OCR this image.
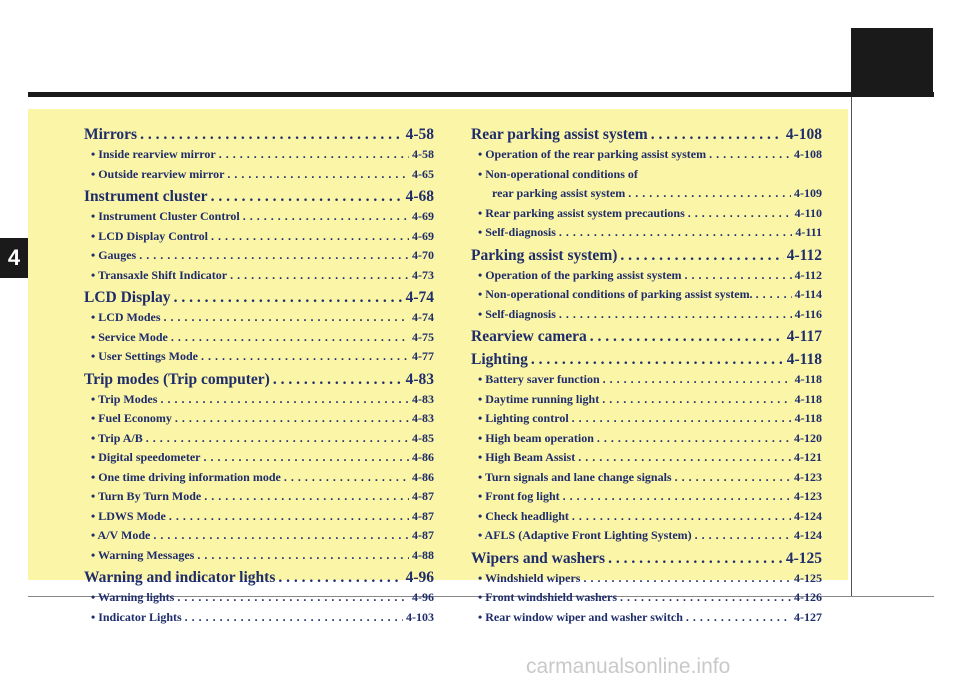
4
Mirrors . . .	4-58
• Inside rearview mirror . . .	4-58
• Outside rearview mirror . . .	4-65
Instrument cluster . . .	4-68
• Instrument Cluster Control . . .	4-69
• LCD Display Control . . .	4-69
• Gauges . . .	4-70
• Transaxle Shift Indicator . . .	4-73
LCD Display . . .	4-74
• LCD Modes . . .	4-74
• Service Mode . . .	4-75
• User Settings Mode . . .	4-77
Trip modes (Trip computer) . . .	4-83
• Trip Modes . . .	4-83
• Fuel Economy . . .	4-83
• Trip A/B . . .	4-85
• Digital speedometer . . .	4-86
• One time driving information mode . . .	4-86
• Turn By Turn Mode . . .	4-87
• LDWS Mode . . .	4-87
• A/V Mode . . .	4-87
• Warning Messages . . .	4-88
Warning and indicator lights . . .	4-96
• Warning lights . . .	4-96
• Indicator Lights . . .	4-103
Rear parking assist system . . .	4-108
• Operation of the rear parking assist system . . .	4-108
• Non-operational conditions of
rear parking assist system . . .	4-109
• Rear parking assist system precautions . . .	4-110
• Self-diagnosis . . .	4-111
Parking assist system) . . .	4-112
• Operation of the parking assist system . . .	4-112
• Non-operational conditions of parking assist system. . . .	4-114
• Self-diagnosis . . .	4-116
Rearview camera . . .	4-117
Lighting . . .	4-118
• Battery saver function . . .	4-118
• Daytime running light . . .	4-118
• Lighting control . . .	4-118
• High beam operation . . .	4-120
• High Beam Assist . . .	4-121
• Turn signals and lane change signals . . .	4-123
• Front fog light . . .	4-123
• Check headlight . . .	4-124
• AFLS (Adaptive Front Lighting System) . . .	4-124
Wipers and washers . . .	4-125
• Windshield wipers . . .	4-125
• Front windshield washers . . .	4-126
• Rear window wiper and washer switch . . .	4-127
carmanualsonline.info
